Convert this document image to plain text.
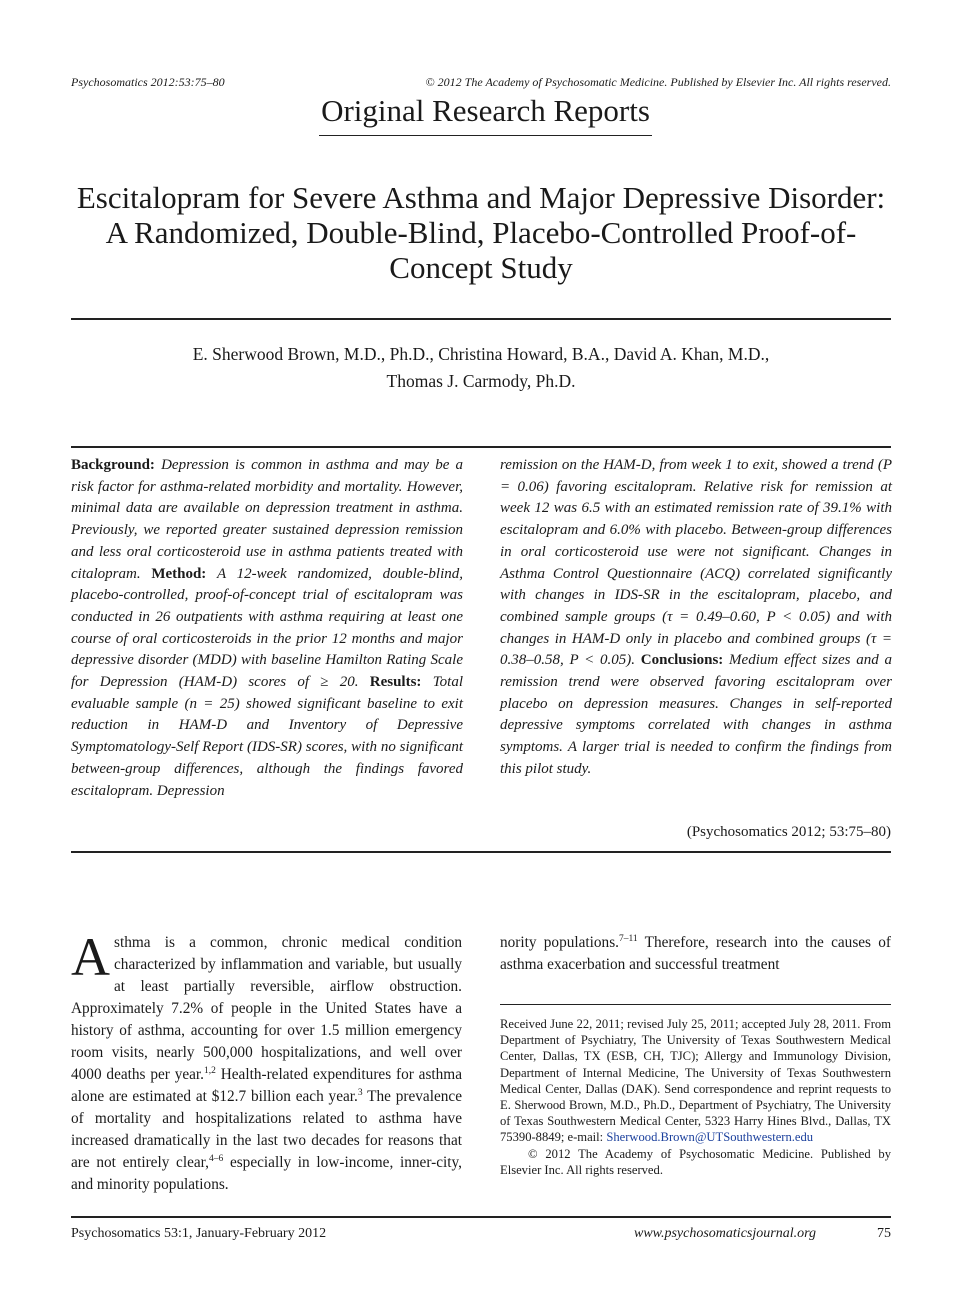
Psychosomatics 2012:53:75–80	© 2012 The Academy of Psychosomatic Medicine. Published by Elsevier Inc. All rights reserved.
Original Research Reports
Escitalopram for Severe Asthma and Major Depressive Disorder: A Randomized, Double-Blind, Placebo-Controlled Proof-of-Concept Study
E. Sherwood Brown, M.D., Ph.D., Christina Howard, B.A., David A. Khan, M.D.,
Thomas J. Carmody, Ph.D.
Background: Depression is common in asthma and may be a risk factor for asthma-related morbidity and mortality. However, minimal data are available on depression treatment in asthma. Previously, we reported greater sustained depression remission and less oral corticosteroid use in asthma patients treated with citalopram. Method: A 12-week randomized, double-blind, placebo-controlled, proof-of-concept trial of escitalopram was conducted in 26 outpatients with asthma requiring at least one course of oral corticosteroids in the prior 12 months and major depressive disorder (MDD) with baseline Hamilton Rating Scale for Depression (HAM-D) scores of ≥ 20. Results: Total evaluable sample (n = 25) showed significant baseline to exit reduction in HAM-D and Inventory of Depressive Symptomatology-Self Report (IDS-SR) scores, with no significant between-group differences, although the findings favored escitalopram. Depression
remission on the HAM-D, from week 1 to exit, showed a trend (P = 0.06) favoring escitalopram. Relative risk for remission at week 12 was 6.5 with an estimated remission rate of 39.1% with escitalopram and 6.0% with placebo. Between-group differences in oral corticosteroid use were not significant. Changes in Asthma Control Questionnaire (ACQ) correlated significantly with changes in IDS-SR in the escitalopram, placebo, and combined sample groups (τ = 0.49–0.60, P < 0.05) and with changes in HAM-D only in placebo and combined groups (τ = 0.38–0.58, P < 0.05). Conclusions: Medium effect sizes and a remission trend were observed favoring escitalopram over placebo on depression measures. Changes in self-reported depressive symptoms correlated with changes in asthma symptoms. A larger trial is needed to confirm the findings from this pilot study.
(Psychosomatics 2012; 53:75–80)
Asthma is a common, chronic medical condition characterized by inflammation and variable, but usually at least partially reversible, airflow obstruction. Approximately 7.2% of people in the United States have a history of asthma, accounting for over 1.5 million emergency room visits, nearly 500,000 hospitalizations, and well over 4000 deaths per year.$^{1,2}$ Health-related expenditures for asthma alone are estimated at $12.7 billion each year.$^3$ The prevalence of mortality and hospitalizations related to asthma have increased dramatically in the last two decades for reasons that are not entirely clear,$^{4-6}$ especially in low-income, inner-city, and minority populations.
nority populations.$^{7-11}$ Therefore, research into the causes of asthma exacerbation and successful treatment
Received June 22, 2011; revised July 25, 2011; accepted July 28, 2011. From Department of Psychiatry, The University of Texas Southwestern Medical Center, Dallas, TX (ESB, CH, TJC); Allergy and Immunology Division, Department of Internal Medicine, The University of Texas Southwestern Medical Center, Dallas (DAK). Send correspondence and reprint requests to E. Sherwood Brown, M.D., Ph.D., Department of Psychiatry, The University of Texas Southwestern Medical Center, 5323 Harry Hines Blvd., Dallas, TX 75390-8849; e-mail: Sherwood.Brown@UTSouthwestern.edu
© 2012 The Academy of Psychosomatic Medicine. Published by Elsevier Inc. All rights reserved.
Psychosomatics 53:1, January-February 2012	www.psychosomaticsjournal.org	75
